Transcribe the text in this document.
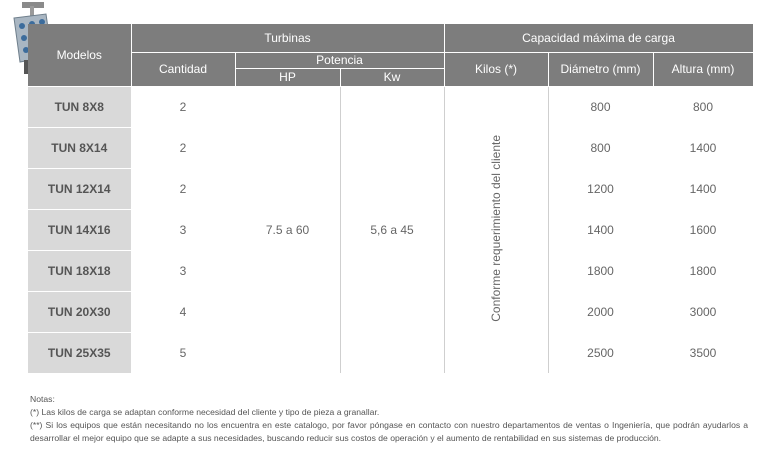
Modelos	Turbinas			Capacidad máxima de carga		
	Cantidad	Potencia		Kilos (*)	Diámetro (mm)	Altura (mm)
		HP	Kw			
TUN 8X8	2	7.5 a 60	5,6 a 45	Conforme requerimiento del cliente	800	800
TUN 8X14	2				800	1400
TUN 12X14	2				1200	1400
TUN 14X16	3				1400	1600
TUN 18X18	3				1800	1800
TUN 20X30	4				2000	3000
TUN 25X35	5				2500	3500

Notas:

(*) Las kilos de carga se adaptan conforme necesidad del cliente y tipo de pieza a granallar.

(**) Si los equipos que están necesitando no los encuentra en este catalogo, por favor póngase en contacto con nuestro departamentos de ventas o Ingeniería, que podrán ayudarlos a desarrollar el mejor equipo que se adapte a sus necesidades, buscando reducir sus costos de operación y el aumento de rentabilidad en sus sistemas de producción.
